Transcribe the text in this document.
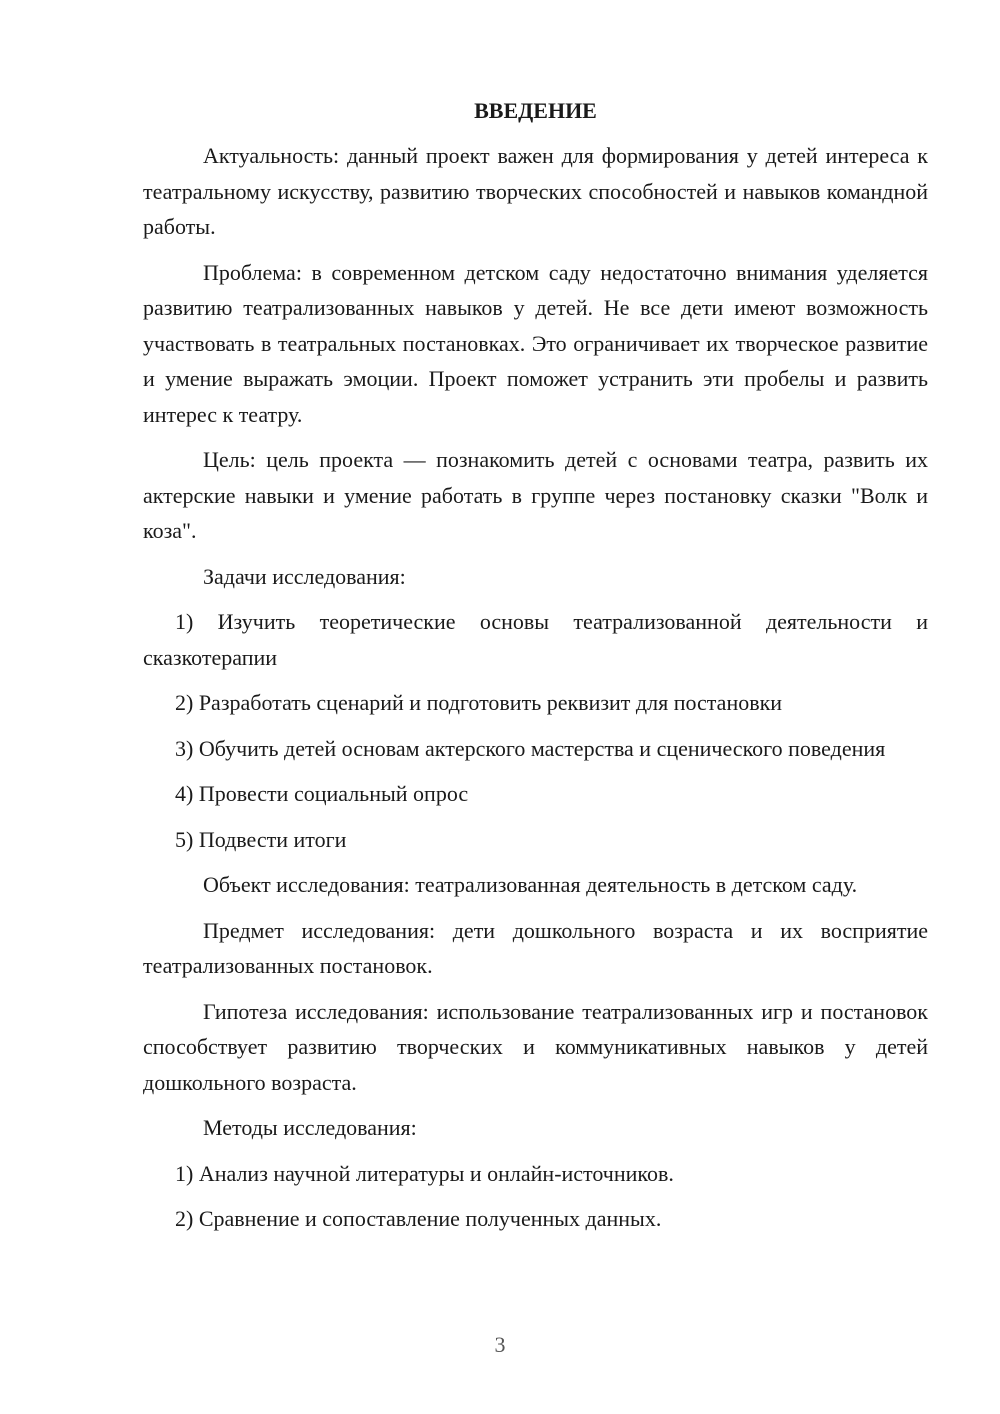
ВВЕДЕНИЕ

Актуальность: данный проект важен для формирования у детей интереса к театральному искусству, развитию творческих способностей и навыков командной работы.

Проблема: в современном детском саду недостаточно внимания уделяется развитию театрализованных навыков у детей. Не все дети имеют возможность участвовать в театральных постановках. Это ограничивает их творческое развитие и умение выражать эмоции. Проект поможет устранить эти пробелы и развить интерес к театру.

Цель: цель проекта — познакомить детей с основами театра, развить их актерские навыки и умение работать в группе через постановку сказки "Волк и коза".

Задачи исследования:

1) Изучить теоретические основы театрализованной деятельности и сказкотерапии

2) Разработать сценарий и подготовить реквизит для постановки

3) Обучить детей основам актерского мастерства и сценического поведения

4) Провести социальный опрос

5) Подвести итоги

Объект исследования: театрализованная деятельность в детском саду.

Предмет исследования: дети дошкольного возраста и их восприятие театрализованных постановок.

Гипотеза исследования: использование театрализованных игр и постановок способствует развитию творческих и коммуникативных навыков у детей дошкольного возраста.

Методы исследования:

1) Анализ научной литературы и онлайн-источников.

2) Сравнение и сопоставление полученных данных.

3
